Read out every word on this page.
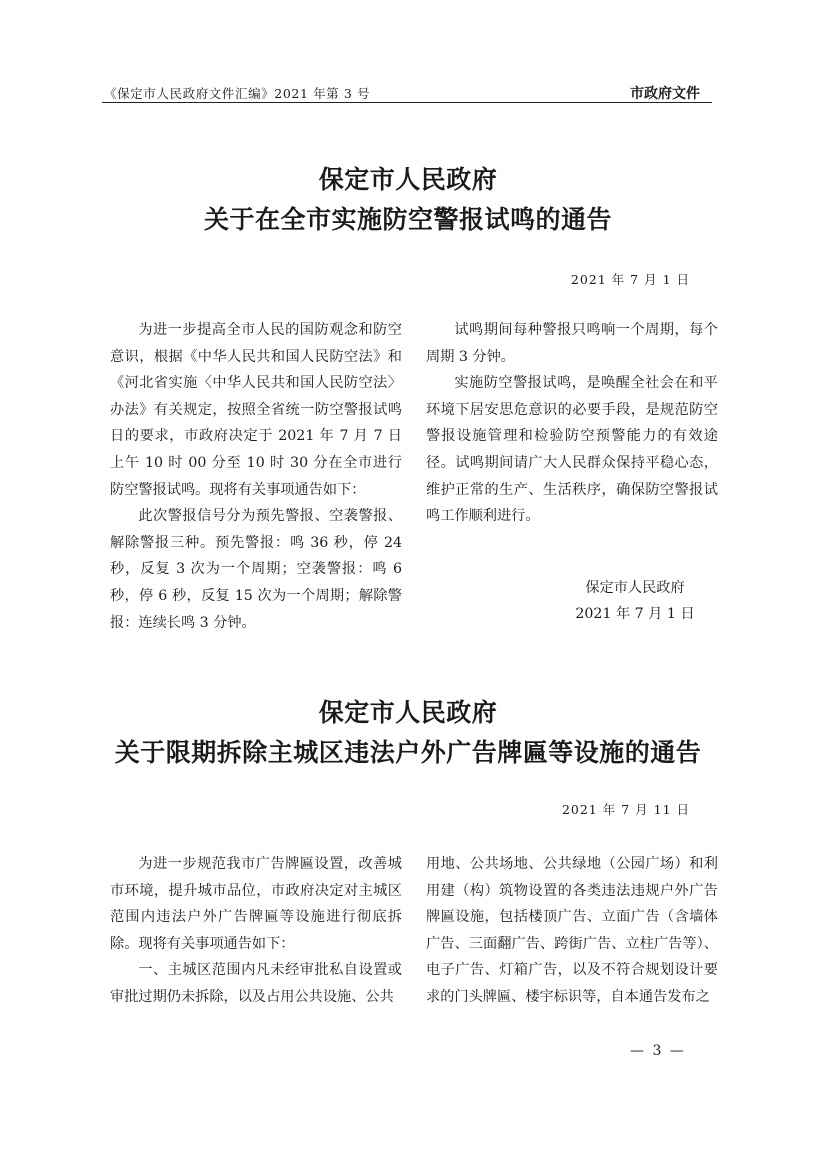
《保定市人民政府文件汇编》2021 年第 3 号	市政府文件
保定市人民政府
关于在全市实施防空警报试鸣的通告
2021 年 7 月 1 日

为进一步提高全市人民的国防观念和防空意识，根据《中华人民共和国人民防空法》和《河北省实施〈中华人民共和国人民防空法〉办法》有关规定，按照全省统一防空警报试鸣日的要求，市政府决定于 2021 年 7 月 7 日上午 10 时 00 分至 10 时 30 分在全市进行防空警报试鸣。现将有关事项通告如下：

此次警报信号分为预先警报、空袭警报、解除警报三种。预先警报：鸣 36 秒，停 24 秒，反复 3 次为一个周期；空袭警报：鸣 6 秒，停 6 秒，反复 15 次为一个周期；解除警报：连续长鸣 3 分钟。

试鸣期间每种警报只鸣响一个周期，每个周期 3 分钟。

实施防空警报试鸣，是唤醒全社会在和平环境下居安思危意识的必要手段，是规范防空警报设施管理和检验防空预警能力的有效途径。试鸣期间请广大人民群众保持平稳心态，维护正常的生产、生活秩序，确保防空警报试鸣工作顺利进行。

保定市人民政府
2021 年 7 月 1 日
保定市人民政府
关于限期拆除主城区违法户外广告牌匾等设施的通告
2021 年 7 月 11 日

为进一步规范我市广告牌匾设置，改善城市环境，提升城市品位，市政府决定对主城区范围内违法户外广告牌匾等设施进行彻底拆除。现将有关事项通告如下：

一、主城区范围内凡未经审批私自设置或审批过期仍未拆除，以及占用公共设施、公共

用地、公共场地、公共绿地（公园广场）和利用建（构）筑物设置的各类违法违规户外广告牌匾设施，包括楼顶广告、立面广告（含墙体广告、三面翻广告、跨街广告、立柱广告等）、电子广告、灯箱广告，以及不符合规划设计要求的门头牌匾、楼宇标识等，自本通告发布之

— 3 —
